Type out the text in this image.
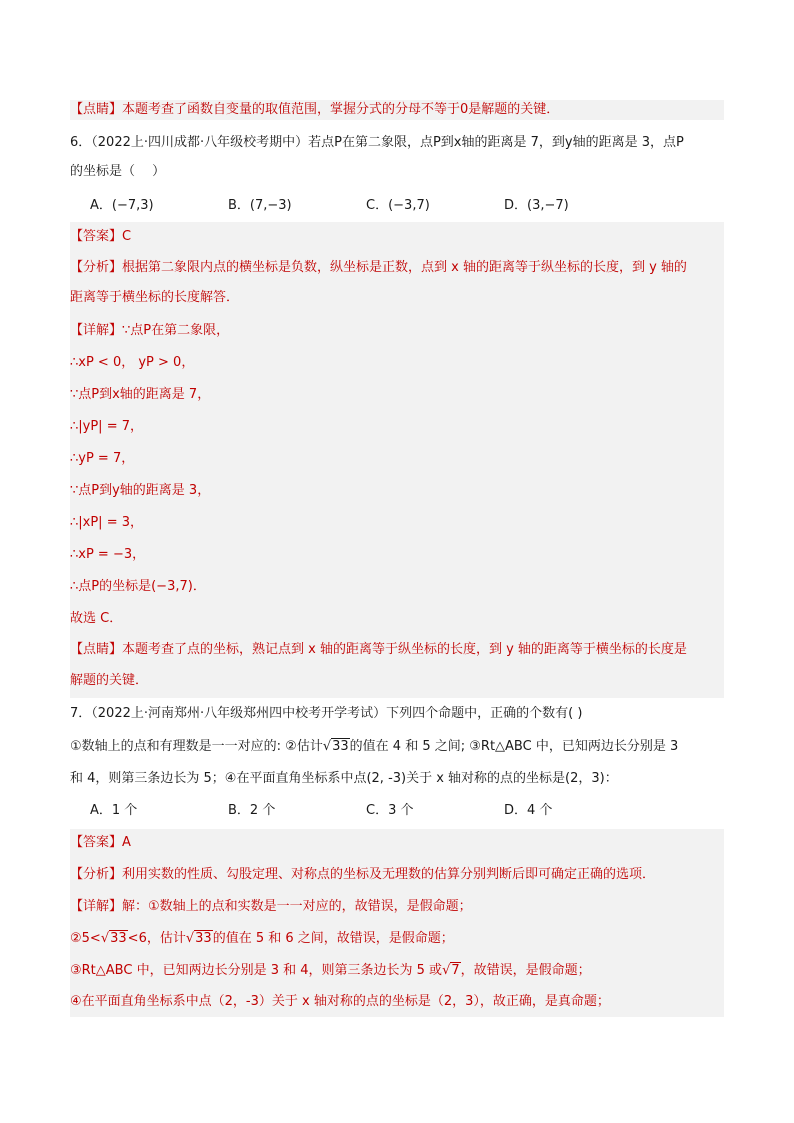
【点睛】本题考查了函数自变量的取值范围，掌握分式的分母不等于0是解题的关键．
6．（2022上·四川成都·八年级校考期中）若点P在第二象限，点P到x轴的距离是 7，到y轴的距离是 3，点P
的坐标是（　 ）
A．(−7,3)	B．(7,−3)	C．(−3,7)	D．(3,−7)
【答案】C
【分析】根据第二象限内点的横坐标是负数，纵坐标是正数，点到 x 轴的距离等于纵坐标的长度，到 y 轴的
距离等于横坐标的长度解答．
【详解】∵点P在第二象限，
∴xP < 0， yP > 0，
∵点P到x轴的距离是 7，
∴|yP| = 7，
∴yP = 7，
∵点P到y轴的距离是 3，
∴|xP| = 3，
∴xP = −3，
∴点P的坐标是(−3,7)．
故选 C．
【点睛】本题考查了点的坐标，熟记点到 x 轴的距离等于纵坐标的长度，到 y 轴的距离等于横坐标的长度是
解题的关键．
7．（2022上·河南郑州·八年级郑州四中校考开学考试）下列四个命题中，正确的个数有( )
①数轴上的点和有理数是一一对应的: ②估计√33的值在 4 和 5 之间; ③Rt△ABC 中，已知两边长分别是 3
和 4，则第三条边长为 5；④在平面直角坐标系中点(2, -3)关于 x 轴对称的点的坐标是(2，3)：
A．1 个	B．2 个	C．3 个	D．4 个
【答案】A
【分析】利用实数的性质、勾股定理、对称点的坐标及无理数的估算分别判断后即可确定正确的选项．
【详解】解：①数轴上的点和实数是一一对应的，故错误，是假命题；
②5<√33<6，估计√33的值在 5 和 6 之间，故错误，是假命题；
③Rt△ABC 中，已知两边长分别是 3 和 4，则第三条边长为 5 或√7，故错误，是假命题；
④在平面直角坐标系中点（2，-3）关于 x 轴对称的点的坐标是（2，3），故正确，是真命题；
